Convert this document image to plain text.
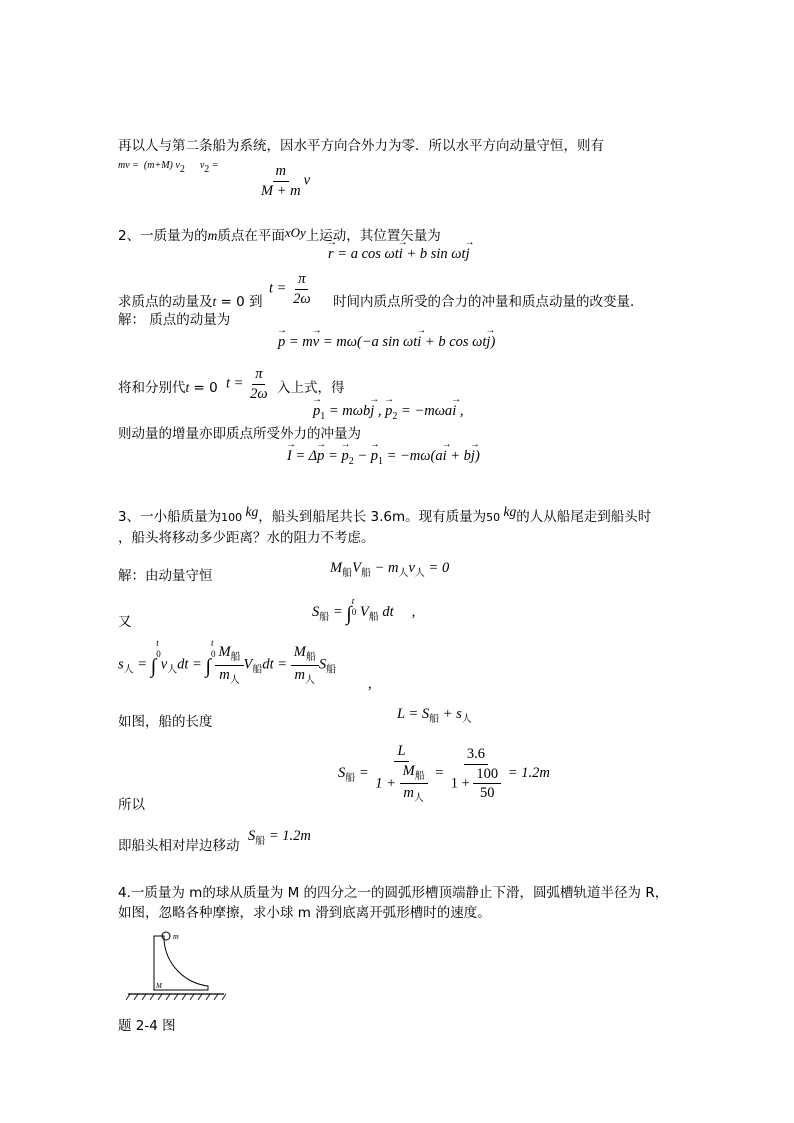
再以人与第二条船为系统，因水平方向合外力为零．所以水平方向动量守恒，则有
mv =  (m+M) $v_2$      $v_2$ =	$\frac{m}{M + m}$ ν
2、一质量为的m质点在平面xOy上运动，其位置矢量为
→ r = a cos ωt→ i + b sin ωt→ j
$t = \frac{\pi}{2\omega}$
求质点的动量及t = 0 到	时间内质点所受的合力的冲量和质点动量的改变量．
解： 质点的动量为
→ p = m→ v = mω(−a sin ωt→ i + b cos ωt→ j)
$t = \frac{\pi}{2\omega}$
将和分别代t = 0	入上式，得
→ $p_1 = m\omega b\to j$ , → $p_2 = -m\omega a\to i$ ,
则动量的增量亦即质点所受外力的冲量为
→ I = Δ→ p = → $p_2$ − → $p_1 = -m\omega(a\to i + b\to j)$
3、一小船质量为100 kg，船头到船尾共长 3.6m。现有质量为50 kg的人从船尾走到船头时
，船头将移动多少距离？水的阻力不考虑。
解：由动量守恒	$M_船V_船 - m_人\nu_人 = 0$
$S_船 = \int t$
0 $V_船$ dt     ,
又
$s_人 = \int t$
$0\nu_人dt = \int t$
$0 \frac{M_船}{m_人} V_船dt = \frac{M_船}{m_人} S_船$
,
如图，船的长度	$L = S_船 + s_人$
$S_船 = \frac{L}{1 + \frac{M_船}{m_人}} = \frac{3.6}{1 + \frac{100}{50}} = 1.2m$
所以
即船头相对岸边移动
$S_船 = 1.2m$
4.一质量为 m的球从质量为 M 的四分之一的圆弧形槽顶端静止下滑，圆弧槽轨道半径为 R，
如图，忽略各种摩擦，求小球 m 滑到底离开弧形槽时的速度。
m
M
题 2-4 图
